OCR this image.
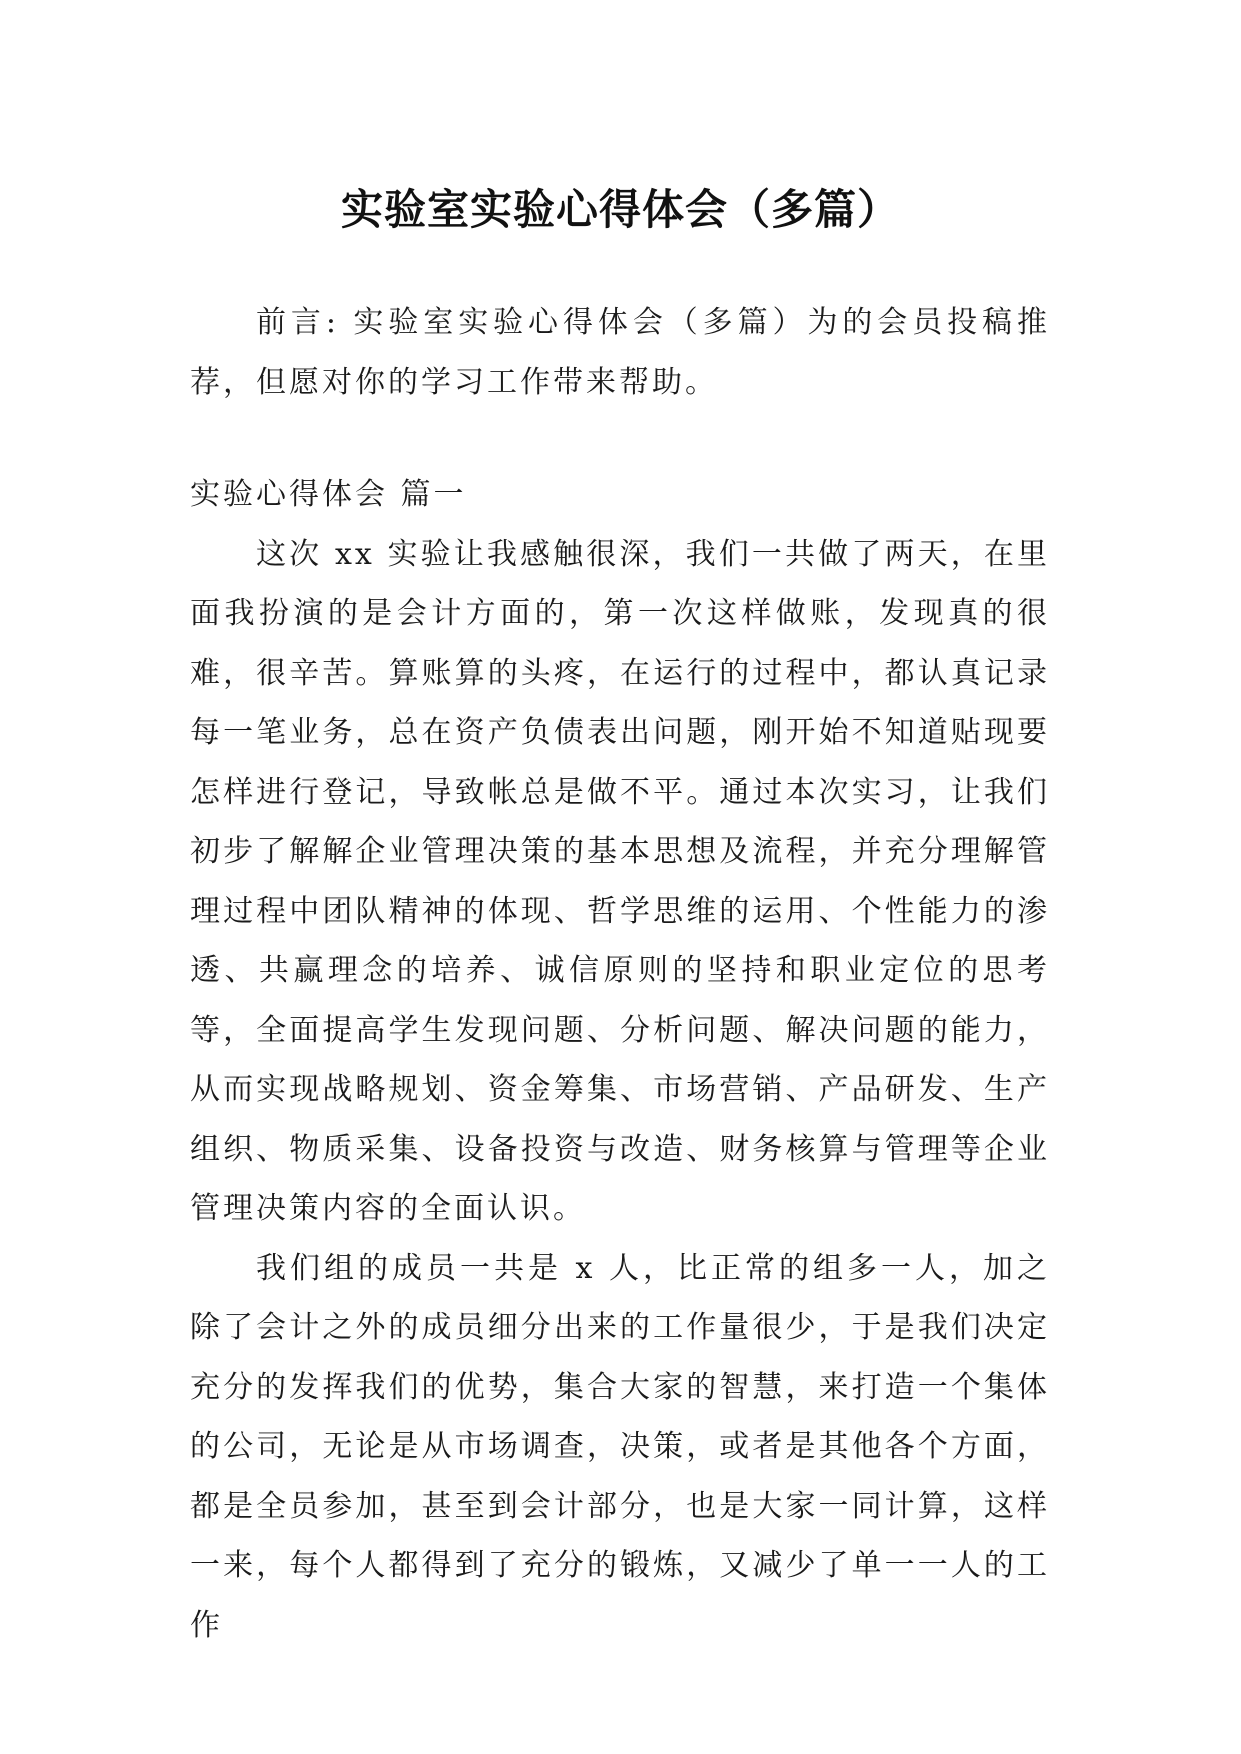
实验室实验心得体会（多篇）

前言: 实验室实验心得体会（多篇）为的会员投稿推荐，但愿对你的学习工作带来帮助。

实验心得体会 篇一

这次 xx 实验让我感触很深，我们一共做了两天，在里面我扮演的是会计方面的，第一次这样做账，发现真的很难，很辛苦。算账算的头疼，在运行的过程中，都认真记录每一笔业务，总在资产负债表出问题，刚开始不知道贴现要怎样进行登记，导致帐总是做不平。通过本次实习，让我们初步了解解企业管理决策的基本思想及流程，并充分理解管理过程中团队精神的体现、哲学思维的运用、个性能力的渗透、共赢理念的培养、诚信原则的坚持和职业定位的思考等，全面提高学生发现问题、分析问题、解决问题的能力，从而实现战略规划、资金筹集、市场营销、产品研发、生产组织、物质采集、设备投资与改造、财务核算与管理等企业管理决策内容的全面认识。

我们组的成员一共是 x 人，比正常的组多一人，加之除了会计之外的成员细分出来的工作量很少，于是我们决定充分的发挥我们的优势，集合大家的智慧，来打造一个集体的公司，无论是从市场调查，决策，或者是其他各个方面，都是全员参加，甚至到会计部分，也是大家一同计算，这样一来，每个人都得到了充分的锻炼，又减少了单一一人的工作
